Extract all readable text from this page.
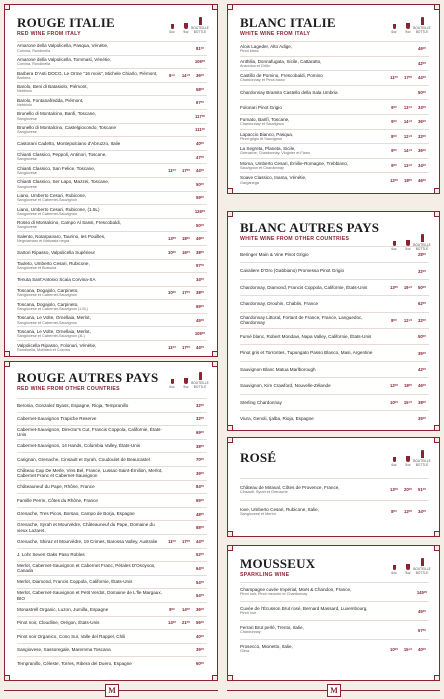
ROUGE ITALIE
RED WINE FROM ITALY	6oz	9oz
BOUTEILLE BOTTLE
Amarone della Valpolicella, Pasqua, Vénétie,
Corvina, Rondinella	81⁰⁰
Amarone della Valpolicella, Tommasi, Vénétie,
Corvina, Rondinella	106⁰⁰
Barbera D'Asti DOCG, Le Orme "16 mois", Michele Chiarlo, Piémont,
Barbera	9⁵⁰	14⁵⁰	36⁰⁰
Barolo, Beni di Batasiolo, Piémont,
Nebbiolo	58⁰⁰
Barolo, Fontanafredda, Piémont,
Nebbiolo	67⁰⁰
Brunello di Montalcino, Banfi, Toscane,
Sangiovese	117⁰⁰
Brunello di Montalcino, Castelgiocondo, Toscane
Sangiovese	111⁰⁰
Castorani Cadetto, Montepulciano d'Abruzzo, Italie	40⁰⁰
Chianti Classico, Peppoli, Antinori, Toscane,
Sangiovese	47⁰⁰
Chianti Classico, San Felice, Toscane,
Sangiovese	11⁰⁰	17⁰⁰	44⁰⁰
Chianti Classico, Ser Lapo, Mazzei, Toscane,
Sangiovese	50⁰⁰
Liano, Umberto Cesari, Rubicone,
Sangiovese et Cabernet-Sauvignon	59⁰⁰
Liano, Umberto Cesari, Rubicone, (1.5L)
Sangiovese et Cabernet-Sauvignon	126⁰⁰
Rosso di Montalcino, Campo Al Sassi, Frescobaldi,
Sangiovese	50⁰⁰
Salento, Notarpanaro, Taurino, les Pouilles,
Negroamaro et Malvasia negra	13⁰⁰	18⁰⁰	49⁰⁰
Sartori Ripasso, Valpolicella Supérieur	10⁰⁰	16⁰⁰	38⁰⁰
Tauleto, Umberto Cesari, Rubicone,
Sangiovese et Bursona	97⁰⁰
Tenuta Sant'Antonio Scaia Corvina-SA	34⁰⁰
Toscana, Dogajolo, Carpineto,
Sangiovese et Cabernet-Sauvignon	10⁰⁰	17⁰⁰	38⁰⁰
Toscana, Dogajolo, Carpineto,
Sangiovese et Cabernet-Sauvignon (1.5L)	69⁰⁰
Toscana, Le Volte, Ornellaia, Merlot,
Sangiovese et Cabernet-Sauvignon	45⁰⁰
Toscana, Le Volte, Ornellaia, Merlot,
Sangiovese et Cabernet-Sauvignon (3L)	105⁰⁰
Valpolicella Ripasso, Folonari, Vénétie,
Rondinella, Molinara et Corvina	11⁰⁰	17⁰⁰	44⁰⁰
ROUGE AUTRES PAYS
RED WINE FROM OTHER COUNTRIES	6oz	9oz
BOUTEILLE BOTTLE
Beronia, Gonzalez Byass, Espagne, Rioja, Tempranillo	32⁰⁰
Cabernet-Sauvignon Trapiche Reserve	32⁰⁰
Cabernet-Sauvignon, Director's Cut, Francis Coppola, Californie, États-Unis	69⁰⁰
Cabernet-Sauvignon, 14 Hands, Columbia Valley, États-Unis	38⁰⁰
Carignan, Grenache, Cinsault et Syrah, Coudoulet de Beaucastel	70⁰⁰
Château Cap De Merle, Vins Bel, France, Lussac-Saint-Émilion, Merlot, Cabernet Franc et Cabernet-Sauvignon	39⁰⁰
Châteauneuf du Pape, Rhône, France	84⁰⁰
Famille Perrin, Côtes du Rhône, France	65⁰⁰
Grenache, Tres Picos, Borsao, Campo de Borja, Espagne	48⁰⁰
Grenache, Syrah et Mourvèdre, Châteauneuf du Pape, Domaine du vieux Lazaret,	88⁰⁰
Grenache, Shiraz et Mourvèdre, 19 Crimes, Barossa Valley, Australie	11⁰⁰	17⁰⁰	44⁰⁰
J. Lohr Seven Oaks Paso Robles	52⁰⁰
Merlot, Cabernet-Sauvignon et Cabernet Franc, Pétales D'Osoyoos, Canada	64⁰⁰
Merlot, Diamond, Francis Coppola, Californie, États-Unis	54⁰⁰
Merlot, Cabernet-Sauvignon et Petit Verdot, Domaine de L'Île Margaux, BIO	54⁰⁰
Monastrell Organic, Luzon, Jumilla, Espagne	9⁰⁰	14⁰⁰	36⁰⁰
Pinot noir, Cloudline, Orégon, États-Unis	14⁰⁰	21⁰⁰	56⁰⁰
Pinot noir Organico, Cono Sur, Valle del Rappel, Chili	40⁰⁰
Sangiovese, Sassoregale, Maremma Toscana	35⁰⁰
Tempranillo, Céleste, Torres, Ribera del Duero, Espagne	60⁰⁰
BLANC ITALIE
WHITE WINE FROM ITALY	6oz	9oz
BOUTEILLE BOTTLE
Alois Lageder, Alto Adige,
Pinot blanc	46⁰⁰
Anthilia, Donnafugata, Sicile, Cattaratto,
Ansonica et Grillo	42⁰⁰
Castillo de Pomino, Frescobaldi, Pomino
Chardonnay et Pinot blanc	11⁰⁰	17⁰⁰	44⁰⁰
Chardonnay Bramito Castello della Sala Umbria	50⁰⁰
Folonari Pinot Grigio	9⁰⁰	13⁵⁰	34⁰⁰
Fumato, Banfi, Toscane,
Chardonnay et Sauvignon	9⁰⁰	14⁵⁰	36⁰⁰
Lapaccio Bianco, Pasqua,
Pinot grigio et Sauvignon	8⁰⁰	12⁵⁰	32⁰⁰
La Segreta, Planeta, Sicile,
Grenache, Chardonnay, Viognier et Fiano	9⁰⁰	14⁵⁰	36⁰⁰
Moma, Umberto Cesari, Émilie-Romagne, Trebbiano,
Sauvignon et Chardonnay	9⁰⁰	13⁵⁰	34⁰⁰
Soave Classico, Inama, Vénétie,
Garganega	12⁰⁰	18⁰⁰	46⁰⁰
BLANC AUTRES PAYS
WHITE WINE FROM OTHER COUNTRIES
6oz	9oz
BOUTEILLE BOTTLE
Beringer Main & Vine Pinot Grigio	28⁰⁰
Cavaliere D'Oro (Gabbiano) Promessa Pinot Grigio	32⁰⁰
Chardonnay, Diamond, Francis Coppola, Californie, États-Unis	13⁰⁰	19⁵⁰	50⁰⁰
Chardonnay, Drouhin, Chablis, France	62⁰⁰
Chardonnay Littoral, Fortant de France, France, Languedoc, Chardonnay	8⁰⁰	12⁵⁰	32⁰⁰
Fumé blanc, Robert Mondavi, Napa Valley, Californie, États-Unis	50⁰⁰
Pinot gris et Torrontes, Tupungato Passo Blanco, Masi, Argentine	35⁰⁰
Sauvignon Blanc Matua Marlborough	42⁰⁰
Sauvignon, Kim Crawford, Nouvelle-Zélande	12⁰⁰	18⁰⁰	46⁰⁰
Sterling Chardonnay	10⁰⁰	15⁵⁰	38⁰⁰
Viura, Genoli, Ijalba, Rioja, Espagne	35⁰⁰
ROSÉ	6oz	9oz
BOUTEILLE BOTTLE
Château de Miraval, Côtes de Provence, France,
Cinsault, Syrah et Grenache	13⁰⁰	20⁰⁰	51⁰⁰
Iove, Umberto Cesari, Rubicone, Italie,
Sangiovese et Merlot	8⁰⁰	12⁰⁰	34⁰⁰
MOUSSEUX
SPARKLING WINE	6oz	9oz
BOUTEILLE BOTTLE
Champagne cuvée Impérial, Moët & Chandon, France,
Pinot noir, Pinot meunier et Chardonnay	145⁰⁰
Cuvée de l'Écusson Brut rosé, Bernard Massard, Luxembourg,
Pinot noir	45⁰⁰
Ferrari Brut perlé, Trento, Italie,
Chardonnay	67⁰⁰
Prosecco, Mionetto, Italie,
Glera	10⁰⁰	15⁵⁰	40⁰⁰
M	M
